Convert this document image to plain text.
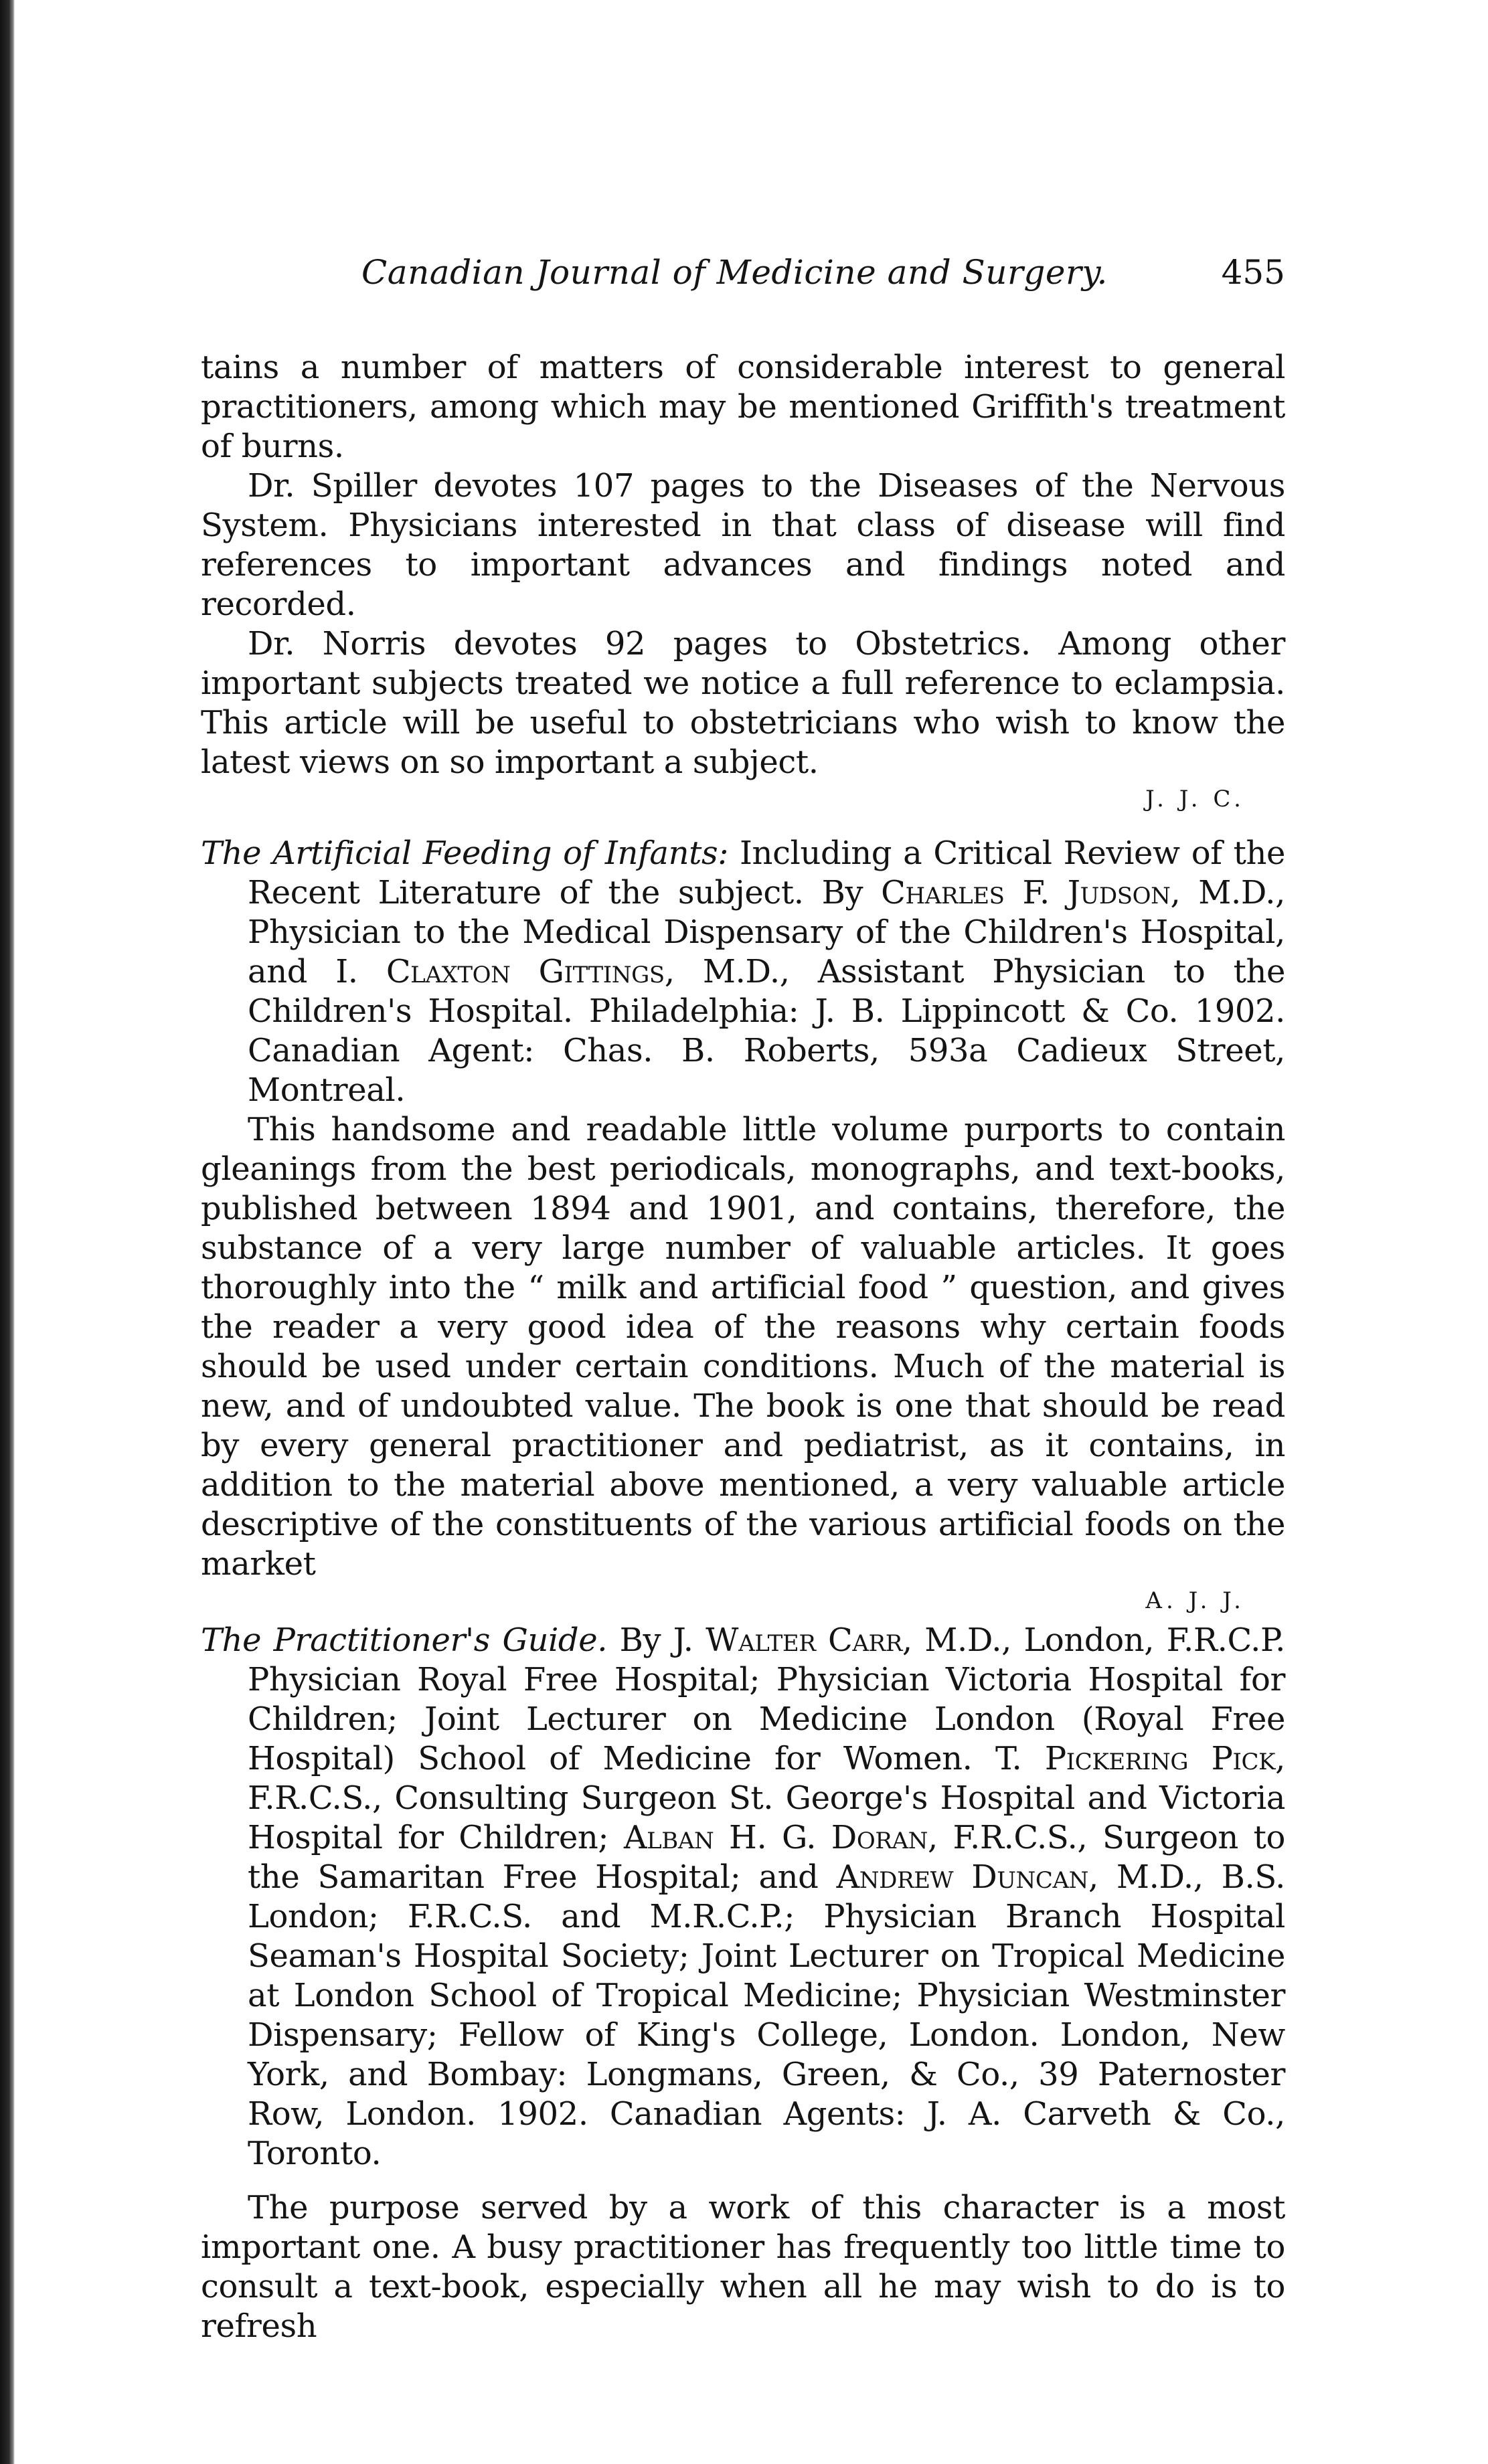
Canadian Journal of Medicine and Surgery.	455

tains a number of matters of considerable interest to general practitioners, among which may be mentioned Griffith's treatment of burns.

Dr. Spiller devotes 107 pages to the Diseases of the Nervous System. Physicians interested in that class of disease will find references to important advances and findings noted and recorded.

Dr. Norris devotes 92 pages to Obstetrics. Among other important subjects treated we notice a full reference to eclampsia. This article will be useful to obstetricians who wish to know the latest views on so important a subject.

J. J. C.

The Artificial Feeding of Infants: Including a Critical Review of the Recent Literature of the subject. By Charles F. Judson, M.D., Physician to the Medical Dispensary of the Children's Hospital, and I. Claxton Gittings, M.D., Assistant Physician to the Children's Hospital. Philadelphia: J. B. Lippincott & Co. 1902. Canadian Agent: Chas. B. Roberts, 593a Cadieux Street, Montreal.

This handsome and readable little volume purports to contain gleanings from the best periodicals, monographs, and text-books, published between 1894 and 1901, and contains, therefore, the substance of a very large number of valuable articles. It goes thoroughly into the “ milk and artificial food ” question, and gives the reader a very good idea of the reasons why certain foods should be used under certain conditions. Much of the material is new, and of undoubted value. The book is one that should be read by every general practitioner and pediatrist, as it contains, in addition to the material above mentioned, a very valuable article descriptive of the constituents of the various artificial foods on the market

A. J. J.

The Practitioner's Guide. By J. Walter Carr, M.D., London, F.R.C.P. Physician Royal Free Hospital; Physician Victoria Hospital for Children; Joint Lecturer on Medicine London (Royal Free Hospital) School of Medicine for Women. T. Pickering Pick, F.R.C.S., Consulting Surgeon St. George's Hospital and Victoria Hospital for Children; Alban H. G. Doran, F.R.C.S., Surgeon to the Samaritan Free Hospital; and Andrew Duncan, M.D., B.S. London; F.R.C.S. and M.R.C.P.; Physician Branch Hospital Seaman's Hospital Society; Joint Lecturer on Tropical Medicine at London School of Tropical Medicine; Physician Westminster Dispensary; Fellow of King's College, London. London, New York, and Bombay: Longmans, Green, & Co., 39 Paternoster Row, London. 1902. Canadian Agents: J. A. Carveth & Co., Toronto.

The purpose served by a work of this character is a most important one. A busy practitioner has frequently too little time to consult a text-book, especially when all he may wish to do is to refresh
